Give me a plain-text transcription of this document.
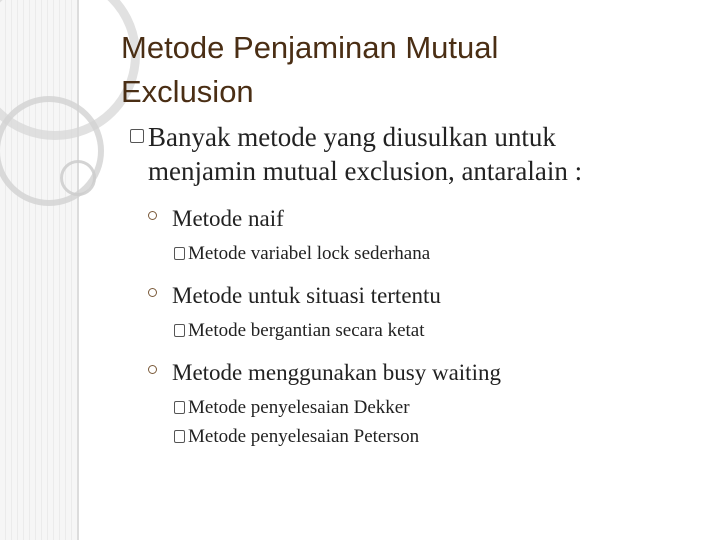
Metode Penjaminan Mutual
Exclusion
Banyak metode yang diusulkan untuk
menjamin mutual exclusion, antaralain :
Metode naif
Metode variabel lock sederhana
Metode untuk situasi tertentu
Metode bergantian secara ketat
Metode menggunakan busy waiting
Metode penyelesaian Dekker
Metode penyelesaian Peterson
